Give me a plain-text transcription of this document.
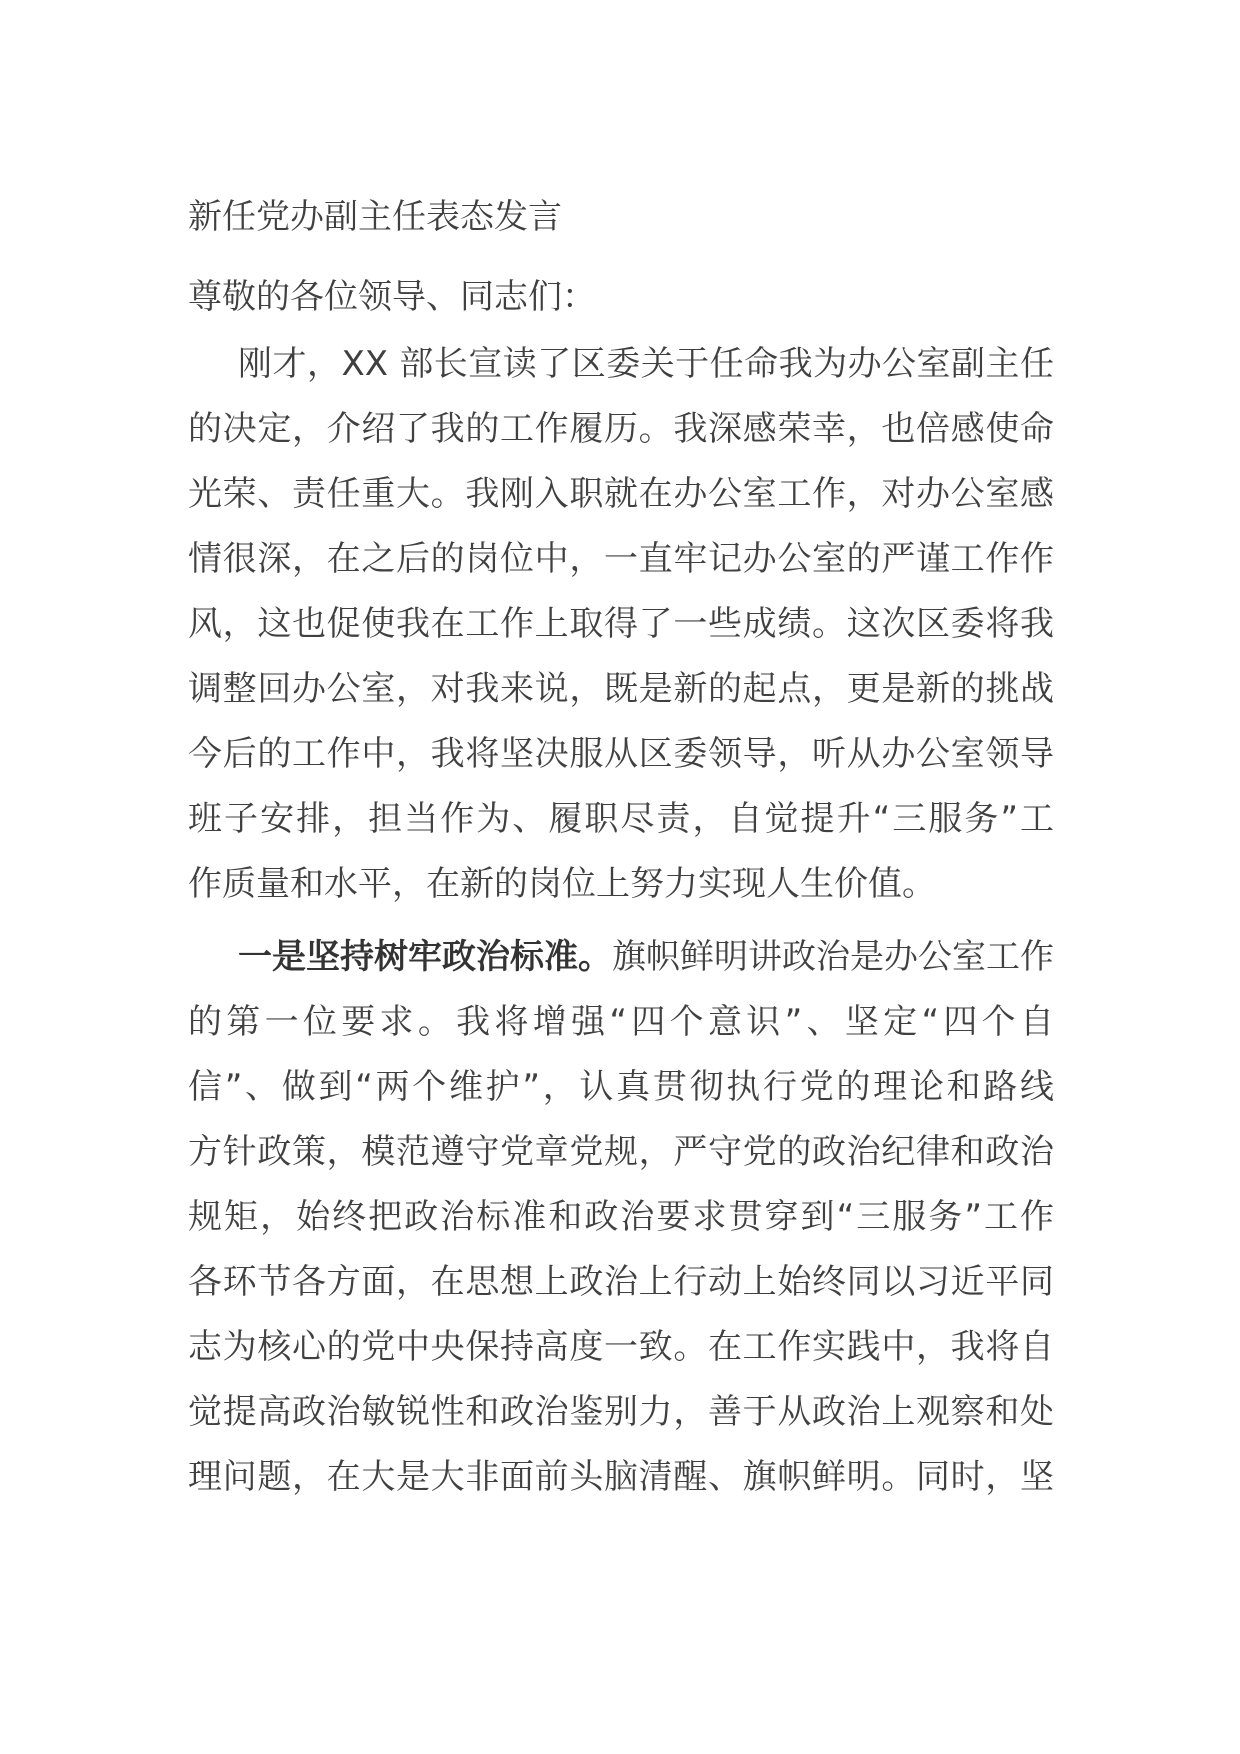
新任党办副主任表态发言
尊敬的各位领导、同志们：
刚才，XX 部长宣读了区委关于任命我为办公室副主任
的决定，介绍了我的工作履历。我深感荣幸，也倍感使命
光荣、责任重大。我刚入职就在办公室工作，对办公室感
情很深，在之后的岗位中，一直牢记办公室的严谨工作作
风，这也促使我在工作上取得了一些成绩。这次区委将我
调整回办公室，对我来说，既是新的起点，更是新的挑战
今后的工作中，我将坚决服从区委领导，听从办公室领导
班子安排，担当作为、履职尽责，自觉提升“三服务”工
作质量和水平，在新的岗位上努力实现人生价值。
一是坚持树牢政治标准。旗帜鲜明讲政治是办公室工作
的第一位要求。我将增强“四个意识”、坚定“四个自
信”、做到“两个维护”，认真贯彻执行党的理论和路线
方针政策，模范遵守党章党规，严守党的政治纪律和政治
规矩，始终把政治标准和政治要求贯穿到“三服务”工作
各环节各方面，在思想上政治上行动上始终同以习近平同
志为核心的党中央保持高度一致。在工作实践中，我将自
觉提高政治敏锐性和政治鉴别力，善于从政治上观察和处
理问题，在大是大非面前头脑清醒、旗帜鲜明。同时，坚
